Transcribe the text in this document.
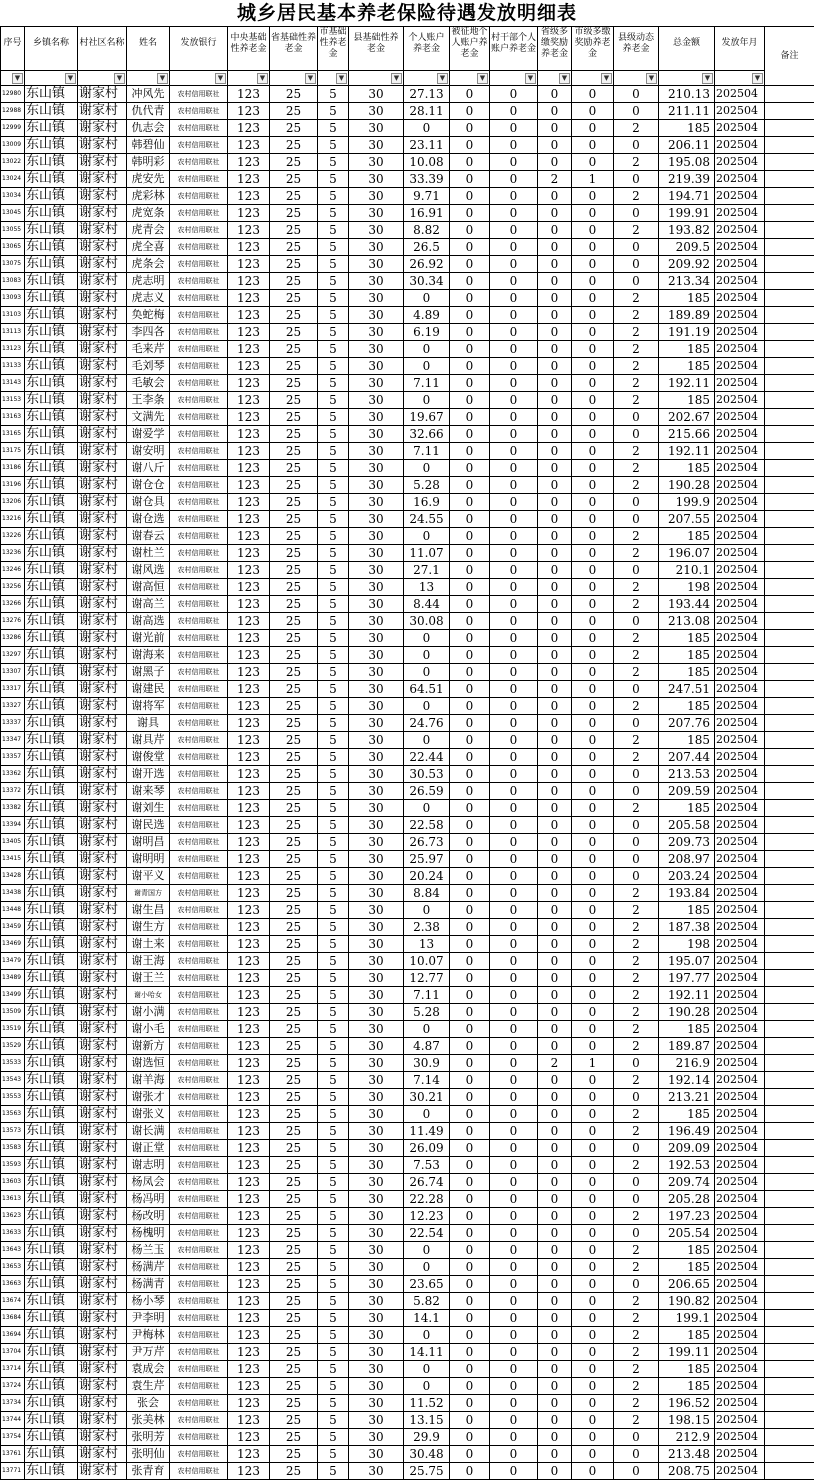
城乡居民基本养老保险待遇发放明细表
序号	乡镇名称	村社区名称	姓名	发放银行	中央基础性养老金	省基础性养老金	市基础性养老金	县基础性养老金	个人账户养老金	被征地个人账户养老金	村干部个人账户养老金	省级多缴奖励养老金	市级多缴奖励养老金	县级动态养老金	总金额	发放年月	备注

▼	▼	▼	▼	▼	▼	▼	▼	▼	▼	▼	▼	▼	▼	▼	▼	▼	

12980	东山镇	谢家村	冲风先	农村信用联社	123	25	5	30	27.13	0	0	0	0	0	210.13	202504	
12988	东山镇	谢家村	仇代青	农村信用联社	123	25	5	30	28.11	0	0	0	0	0	211.11	202504	
12999	东山镇	谢家村	仇志会	农村信用联社	123	25	5	30	0	0	0	0	0	2	185	202504	
13009	东山镇	谢家村	韩碧仙	农村信用联社	123	25	5	30	23.11	0	0	0	0	0	206.11	202504	
13022	东山镇	谢家村	韩明彩	农村信用联社	123	25	5	30	10.08	0	0	0	0	2	195.08	202504	
13024	东山镇	谢家村	虎安先	农村信用联社	123	25	5	30	33.39	0	0	2	1	0	219.39	202504	
13034	东山镇	谢家村	虎彩林	农村信用联社	123	25	5	30	9.71	0	0	0	0	2	194.71	202504	
13045	东山镇	谢家村	虎宽条	农村信用联社	123	25	5	30	16.91	0	0	0	0	0	199.91	202504	
13055	东山镇	谢家村	虎青会	农村信用联社	123	25	5	30	8.82	0	0	0	0	2	193.82	202504	
13065	东山镇	谢家村	虎全喜	农村信用联社	123	25	5	30	26.5	0	0	0	0	0	209.5	202504	
13075	东山镇	谢家村	虎条会	农村信用联社	123	25	5	30	26.92	0	0	0	0	0	209.92	202504	
13083	东山镇	谢家村	虎志明	农村信用联社	123	25	5	30	30.34	0	0	0	0	0	213.34	202504	
13093	东山镇	谢家村	虎志义	农村信用联社	123	25	5	30	0	0	0	0	0	2	185	202504	
13103	东山镇	谢家村	奂蛇梅	农村信用联社	123	25	5	30	4.89	0	0	0	0	2	189.89	202504	
13113	东山镇	谢家村	李四各	农村信用联社	123	25	5	30	6.19	0	0	0	0	2	191.19	202504	
13123	东山镇	谢家村	毛来芹	农村信用联社	123	25	5	30	0	0	0	0	0	2	185	202504	
13133	东山镇	谢家村	毛刘琴	农村信用联社	123	25	5	30	0	0	0	0	0	2	185	202504	
13143	东山镇	谢家村	毛敏会	农村信用联社	123	25	5	30	7.11	0	0	0	0	2	192.11	202504	
13153	东山镇	谢家村	王李条	农村信用联社	123	25	5	30	0	0	0	0	0	2	185	202504	
13163	东山镇	谢家村	文满先	农村信用联社	123	25	5	30	19.67	0	0	0	0	0	202.67	202504	
13165	东山镇	谢家村	谢爱学	农村信用联社	123	25	5	30	32.66	0	0	0	0	0	215.66	202504	
13175	东山镇	谢家村	谢安明	农村信用联社	123	25	5	30	7.11	0	0	0	0	2	192.11	202504	
13186	东山镇	谢家村	谢八斤	农村信用联社	123	25	5	30	0	0	0	0	0	2	185	202504	
13196	东山镇	谢家村	谢仓仓	农村信用联社	123	25	5	30	5.28	0	0	0	0	2	190.28	202504	
13206	东山镇	谢家村	谢仓具	农村信用联社	123	25	5	30	16.9	0	0	0	0	0	199.9	202504	
13216	东山镇	谢家村	谢仓选	农村信用联社	123	25	5	30	24.55	0	0	0	0	0	207.55	202504	
13226	东山镇	谢家村	谢春云	农村信用联社	123	25	5	30	0	0	0	0	0	2	185	202504	
13236	东山镇	谢家村	谢杜兰	农村信用联社	123	25	5	30	11.07	0	0	0	0	2	196.07	202504	
13246	东山镇	谢家村	谢风选	农村信用联社	123	25	5	30	27.1	0	0	0	0	0	210.1	202504	
13256	东山镇	谢家村	谢高恒	农村信用联社	123	25	5	30	13	0	0	0	0	2	198	202504	
13266	东山镇	谢家村	谢高兰	农村信用联社	123	25	5	30	8.44	0	0	0	0	2	193.44	202504	
13276	东山镇	谢家村	谢高选	农村信用联社	123	25	5	30	30.08	0	0	0	0	0	213.08	202504	
13286	东山镇	谢家村	谢光前	农村信用联社	123	25	5	30	0	0	0	0	0	2	185	202504	
13297	东山镇	谢家村	谢海来	农村信用联社	123	25	5	30	0	0	0	0	0	2	185	202504	
13307	东山镇	谢家村	谢黑子	农村信用联社	123	25	5	30	0	0	0	0	0	2	185	202504	
13317	东山镇	谢家村	谢建民	农村信用联社	123	25	5	30	64.51	0	0	0	0	0	247.51	202504	
13327	东山镇	谢家村	谢将军	农村信用联社	123	25	5	30	0	0	0	0	0	2	185	202504	
13337	东山镇	谢家村	谢具	农村信用联社	123	25	5	30	24.76	0	0	0	0	0	207.76	202504	
13347	东山镇	谢家村	谢具芹	农村信用联社	123	25	5	30	0	0	0	0	0	2	185	202504	
13357	东山镇	谢家村	谢俊堂	农村信用联社	123	25	5	30	22.44	0	0	0	0	2	207.44	202504	
13362	东山镇	谢家村	谢开选	农村信用联社	123	25	5	30	30.53	0	0	0	0	0	213.53	202504	
13372	东山镇	谢家村	谢来琴	农村信用联社	123	25	5	30	26.59	0	0	0	0	0	209.59	202504	
13382	东山镇	谢家村	谢刘生	农村信用联社	123	25	5	30	0	0	0	0	0	2	185	202504	
13394	东山镇	谢家村	谢民选	农村信用联社	123	25	5	30	22.58	0	0	0	0	0	205.58	202504	
13405	东山镇	谢家村	谢明昌	农村信用联社	123	25	5	30	26.73	0	0	0	0	0	209.73	202504	
13415	东山镇	谢家村	谢明明	农村信用联社	123	25	5	30	25.97	0	0	0	0	0	208.97	202504	
13428	东山镇	谢家村	谢平义	农村信用联社	123	25	5	30	20.24	0	0	0	0	0	203.24	202504	
13438	东山镇	谢家村	谢青国方	农村信用联社	123	25	5	30	8.84	0	0	0	0	2	193.84	202504	
13448	东山镇	谢家村	谢生昌	农村信用联社	123	25	5	30	0	0	0	0	0	2	185	202504	
13459	东山镇	谢家村	谢生方	农村信用联社	123	25	5	30	2.38	0	0	0	0	2	187.38	202504	
13469	东山镇	谢家村	谢土来	农村信用联社	123	25	5	30	13	0	0	0	0	2	198	202504	
13479	东山镇	谢家村	谢王海	农村信用联社	123	25	5	30	10.07	0	0	0	0	2	195.07	202504	
13489	东山镇	谢家村	谢王兰	农村信用联社	123	25	5	30	12.77	0	0	0	0	2	197.77	202504	
13499	东山镇	谢家村	谢小哈女	农村信用联社	123	25	5	30	7.11	0	0	0	0	2	192.11	202504	
13509	东山镇	谢家村	谢小满	农村信用联社	123	25	5	30	5.28	0	0	0	0	2	190.28	202504	
13519	东山镇	谢家村	谢小毛	农村信用联社	123	25	5	30	0	0	0	0	0	2	185	202504	
13529	东山镇	谢家村	谢新方	农村信用联社	123	25	5	30	4.87	0	0	0	0	2	189.87	202504	
13533	东山镇	谢家村	谢选恒	农村信用联社	123	25	5	30	30.9	0	0	2	1	0	216.9	202504	
13543	东山镇	谢家村	谢羊海	农村信用联社	123	25	5	30	7.14	0	0	0	0	2	192.14	202504	
13553	东山镇	谢家村	谢张才	农村信用联社	123	25	5	30	30.21	0	0	0	0	0	213.21	202504	
13563	东山镇	谢家村	谢张义	农村信用联社	123	25	5	30	0	0	0	0	0	2	185	202504	
13573	东山镇	谢家村	谢长满	农村信用联社	123	25	5	30	11.49	0	0	0	0	2	196.49	202504	
13583	东山镇	谢家村	谢正堂	农村信用联社	123	25	5	30	26.09	0	0	0	0	0	209.09	202504	
13593	东山镇	谢家村	谢志明	农村信用联社	123	25	5	30	7.53	0	0	0	0	2	192.53	202504	
13603	东山镇	谢家村	杨凤会	农村信用联社	123	25	5	30	26.74	0	0	0	0	0	209.74	202504	
13613	东山镇	谢家村	杨冯明	农村信用联社	123	25	5	30	22.28	0	0	0	0	0	205.28	202504	
13623	东山镇	谢家村	杨改明	农村信用联社	123	25	5	30	12.23	0	0	0	0	2	197.23	202504	
13633	东山镇	谢家村	杨槐明	农村信用联社	123	25	5	30	22.54	0	0	0	0	0	205.54	202504	
13643	东山镇	谢家村	杨兰玉	农村信用联社	123	25	5	30	0	0	0	0	0	2	185	202504	
13653	东山镇	谢家村	杨满芹	农村信用联社	123	25	5	30	0	0	0	0	0	2	185	202504	
13663	东山镇	谢家村	杨满青	农村信用联社	123	25	5	30	23.65	0	0	0	0	0	206.65	202504	
13674	东山镇	谢家村	杨小琴	农村信用联社	123	25	5	30	5.82	0	0	0	0	2	190.82	202504	
13684	东山镇	谢家村	尹李明	农村信用联社	123	25	5	30	14.1	0	0	0	0	2	199.1	202504	
13694	东山镇	谢家村	尹梅林	农村信用联社	123	25	5	30	0	0	0	0	0	2	185	202504	
13704	东山镇	谢家村	尹万芹	农村信用联社	123	25	5	30	14.11	0	0	0	0	2	199.11	202504	
13714	东山镇	谢家村	袁成会	农村信用联社	123	25	5	30	0	0	0	0	0	2	185	202504	
13724	东山镇	谢家村	袁生芹	农村信用联社	123	25	5	30	0	0	0	0	0	2	185	202504	
13734	东山镇	谢家村	张会	农村信用联社	123	25	5	30	11.52	0	0	0	0	2	196.52	202504	
13744	东山镇	谢家村	张美林	农村信用联社	123	25	5	30	13.15	0	0	0	0	2	198.15	202504	
13754	东山镇	谢家村	张明芳	农村信用联社	123	25	5	30	29.9	0	0	0	0	0	212.9	202504	
13761	东山镇	谢家村	张明仙	农村信用联社	123	25	5	30	30.48	0	0	0	0	0	213.48	202504	
13771	东山镇	谢家村	张青育	农村信用联社	123	25	5	30	25.75	0	0	0	0	0	208.75	202504	
